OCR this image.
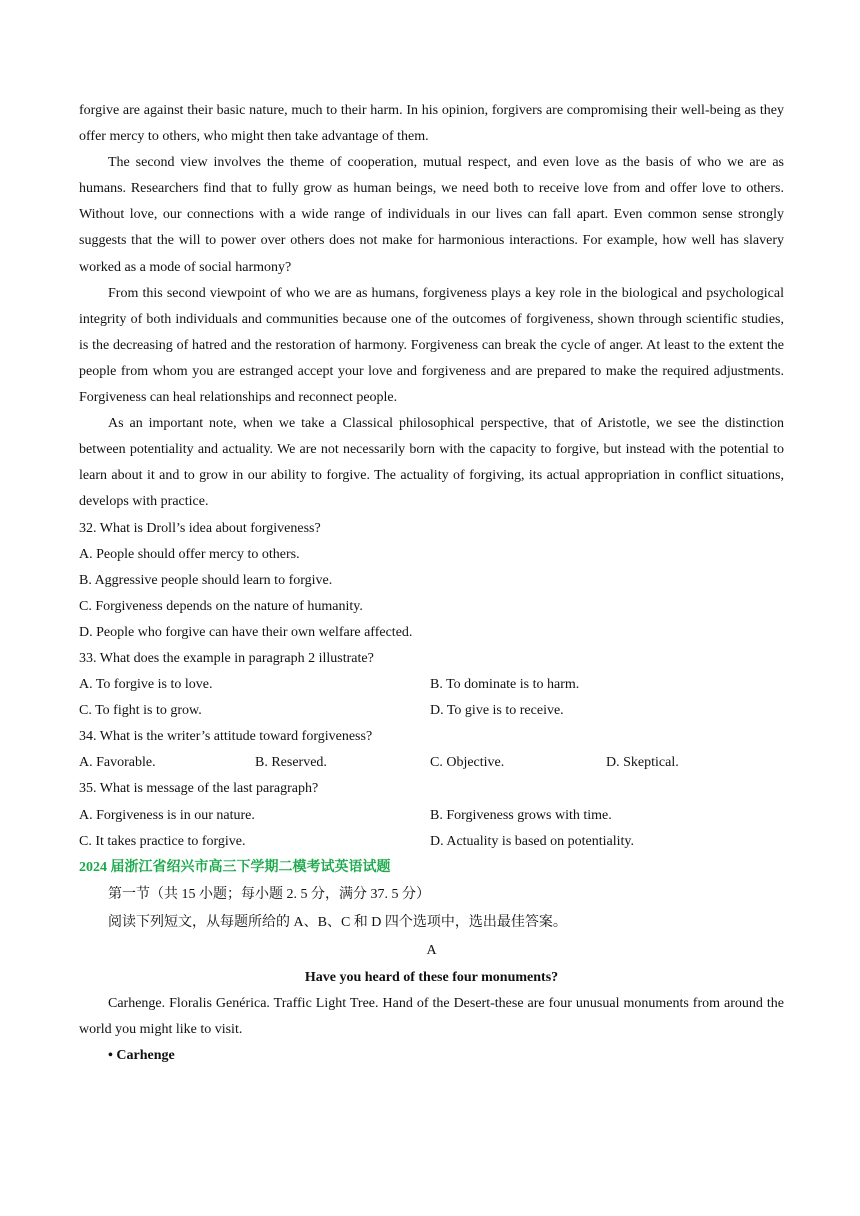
forgive are against their basic nature, much to their harm. In his opinion, forgivers are compromising their well-being as they offer mercy to others, who might then take advantage of them.

The second view involves the theme of cooperation, mutual respect, and even love as the basis of who we are as humans. Researchers find that to fully grow as human beings, we need both to receive love from and offer love to others. Without love, our connections with a wide range of individuals in our lives can fall apart. Even common sense strongly suggests that the will to power over others does not make for harmonious interactions. For example, how well has slavery worked as a mode of social harmony?

From this second viewpoint of who we are as humans, forgiveness plays a key role in the biological and psychological integrity of both individuals and communities because one of the outcomes of forgiveness, shown through scientific studies, is the decreasing of hatred and the restoration of harmony. Forgiveness can break the cycle of anger. At least to the extent the people from whom you are estranged accept your love and forgiveness and are prepared to make the required adjustments. Forgiveness can heal relationships and reconnect people.

As an important note, when we take a Classical philosophical perspective, that of Aristotle, we see the distinction between potentiality and actuality. We are not necessarily born with the capacity to forgive, but instead with the potential to learn about it and to grow in our ability to forgive. The actuality of forgiving, its actual appropriation in conflict situations, develops with practice.

32. What is Droll’s idea about forgiveness?
A. People should offer mercy to others.
B. Aggressive people should learn to forgive.
C. Forgiveness depends on the nature of humanity.
D. People who forgive can have their own welfare affected.
33. What does the example in paragraph 2 illustrate?
A. To forgive is to love.	B. To dominate is to harm.
C. To fight is to grow.	D. To give is to receive.
34. What is the writer’s attitude toward forgiveness?
A. Favorable.	B. Reserved.	C. Objective.	D. Skeptical.
35. What is message of the last paragraph?
A. Forgiveness is in our nature.	B. Forgiveness grows with time.
C. It takes practice to forgive.	D. Actuality is based on potentiality.
2024 届浙江省绍兴市高三下学期二模考试英语试题
第一节（共 15 小题；每小题 2. 5 分，满分 37. 5 分）
阅读下列短文，从每题所给的 A、B、C 和 D 四个选项中，选出最佳答案。
A
Have you heard of these four monuments?

Carhenge. Floralis Genérica. Traffic Light Tree. Hand of the Desert-these are four unusual monuments from around the world you might like to visit.

• Carhenge
